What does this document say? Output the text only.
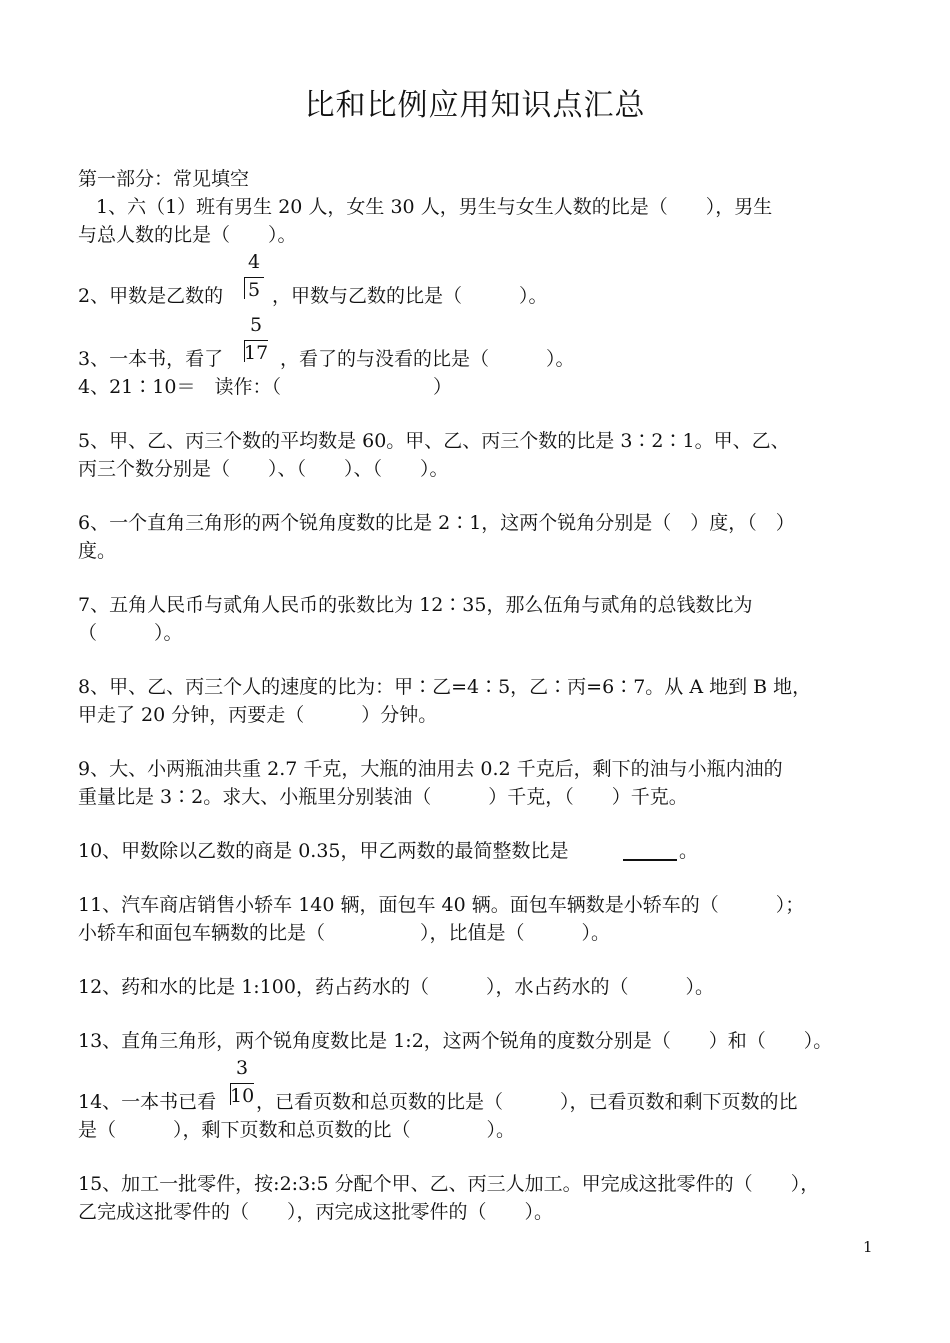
比和比例应用知识点汇总
第一部分：常见填空
1、六（1）班有男生 20 人，女生 30 人，男生与女生人数的比是（　　），男生
与总人数的比是（　　）。
4
2、甲数是乙数的 5 ，甲数与乙数的比是（　　　）。
5
3、一本书，看了 17 ，看了的与没看的比是（　　　）。
4、21∶10＝　读作：（　　　　　　　　）
5、甲、乙、丙三个数的平均数是 60。甲、乙、丙三个数的比是 3∶2∶1。甲、乙、
丙三个数分别是（　　）、（　　）、（　　）。
6、一个直角三角形的两个锐角度数的比是 2∶1，这两个锐角分别是（　）度，（　）
度。
7、五角人民币与贰角人民币的张数比为 12∶35，那么伍角与贰角的总钱数比为
（　　　）。
8、甲、乙、丙三个人的速度的比为：甲∶乙=4∶5，乙∶丙=6∶7。从 A 地到 B 地，
甲走了 20 分钟，丙要走（　　　）分钟。
9、大、小两瓶油共重 2.7 千克，大瓶的油用去 0.2 千克后，剩下的油与小瓶内油的
重量比是 3∶2。求大、小瓶里分别装油（　　　）千克，（　　）千克。
10、甲数除以乙数的商是 0.35，甲乙两数的最简整数比是	。
11、汽车商店销售小轿车 140 辆，面包车 40 辆。面包车辆数是小轿车的（　　　）；
小轿车和面包车辆数的比是（　　　　　），比值是（　　　）。
12、药和水的比是 1:100，药占药水的（　　　），水占药水的（　　　）。
13、直角三角形，两个锐角度数比是 1:2，这两个锐角的度数分别是（　　）和（　　）。
3
14、一本书已看 10 ，已看页数和总页数的比是（　　　），已看页数和剩下页数的比
是（　　　），剩下页数和总页数的比（　　　　）。
15、加工一批零件，按:2:3:5 分配个甲、乙、丙三人加工。甲完成这批零件的（　　），
乙完成这批零件的（　　），丙完成这批零件的（　　）。
1
